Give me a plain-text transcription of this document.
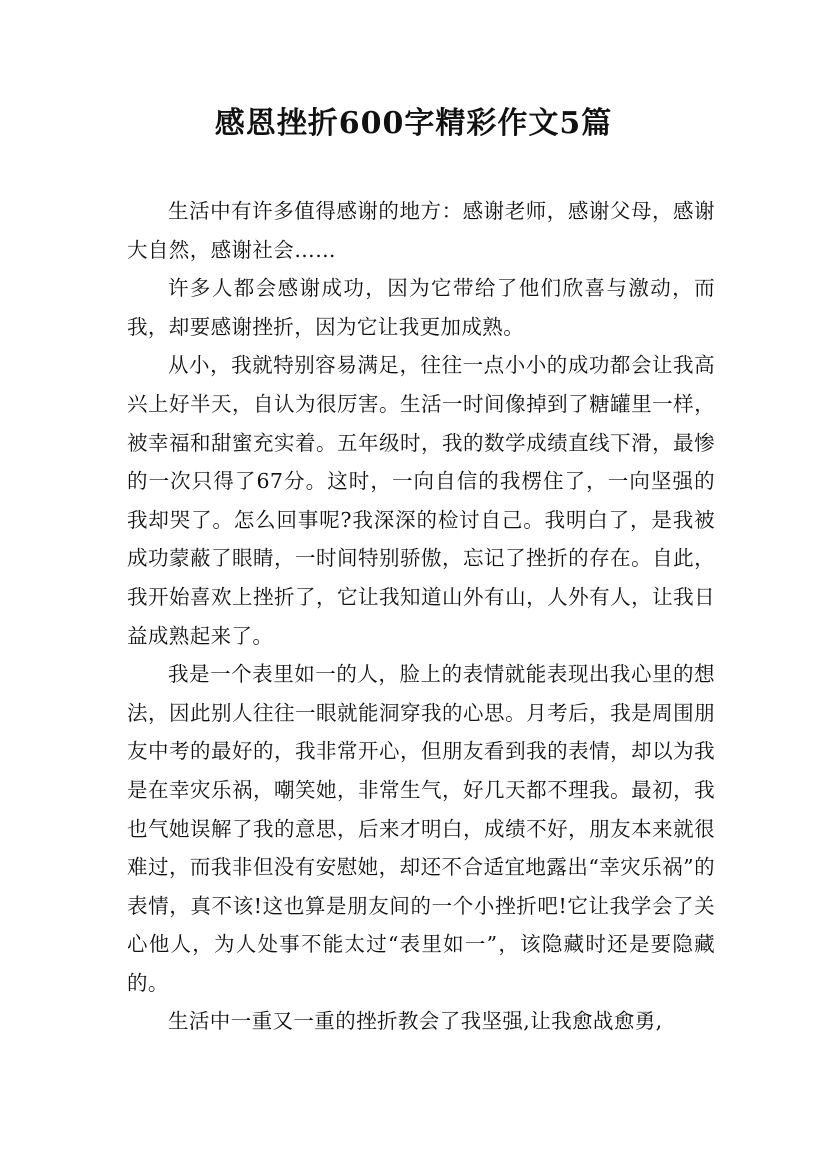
感恩挫折600字精彩作文5篇

生活中有许多值得感谢的地方：感谢老师，感谢父母，感谢大自然，感谢社会……

许多人都会感谢成功，因为它带给了他们欣喜与激动，而我，却要感谢挫折，因为它让我更加成熟。

从小，我就特别容易满足，往往一点小小的成功都会让我高兴上好半天，自认为很厉害。生活一时间像掉到了糖罐里一样，被幸福和甜蜜充实着。五年级时，我的数学成绩直线下滑，最惨的一次只得了67分。这时，一向自信的我楞住了，一向坚强的我却哭了。怎么回事呢?我深深的检讨自己。我明白了，是我被成功蒙蔽了眼睛，一时间特别骄傲，忘记了挫折的存在。自此，我开始喜欢上挫折了，它让我知道山外有山，人外有人，让我日益成熟起来了。

我是一个表里如一的人，脸上的表情就能表现出我心里的想法，因此别人往往一眼就能洞穿我的心思。月考后，我是周围朋友中考的最好的，我非常开心，但朋友看到我的表情，却以为我是在幸灾乐祸，嘲笑她，非常生气，好几天都不理我。最初，我也气她误解了我的意思，后来才明白，成绩不好，朋友本来就很难过，而我非但没有安慰她，却还不合适宜地露出“幸灾乐祸”的表情，真不该!这也算是朋友间的一个小挫折吧!它让我学会了关心他人，为人处事不能太过“表里如一”，该隐藏时还是要隐藏的。

生活中一重又一重的挫折教会了我坚强,让我愈战愈勇,
